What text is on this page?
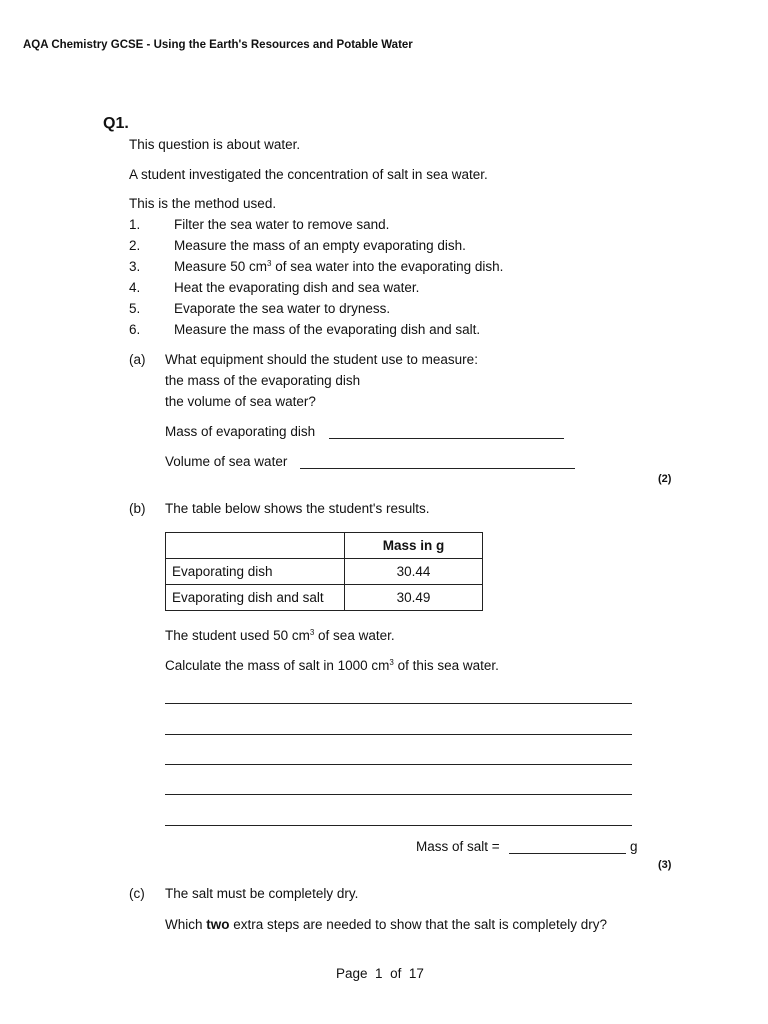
AQA Chemistry GCSE - Using the Earth's Resources and Potable Water
Q1.
This question is about water.
A student investigated the concentration of salt in sea water.
This is the method used.
1. Filter the sea water to remove sand.
2. Measure the mass of an empty evaporating dish.
3. Measure 50 $cm^3$ of sea water into the evaporating dish.
4. Heat the evaporating dish and sea water.
5. Evaporate the sea water to dryness.
6. Measure the mass of the evaporating dish and salt.
(a) What equipment should the student use to measure:
the mass of the evaporating dish
the volume of sea water?
Mass of evaporating dish
Volume of sea water
(2)
(b) The table below shows the student's results.
	Mass in g
Evaporating dish	30.44
Evaporating dish and salt	30.49
The student used 50 $cm^3$ of sea water.
Calculate the mass of salt in 1000 $cm^3$ of this sea water.
Mass of salt =	g
(3)
(c) The salt must be completely dry.
Which two extra steps are needed to show that the salt is completely dry?
Page 1 of 17
